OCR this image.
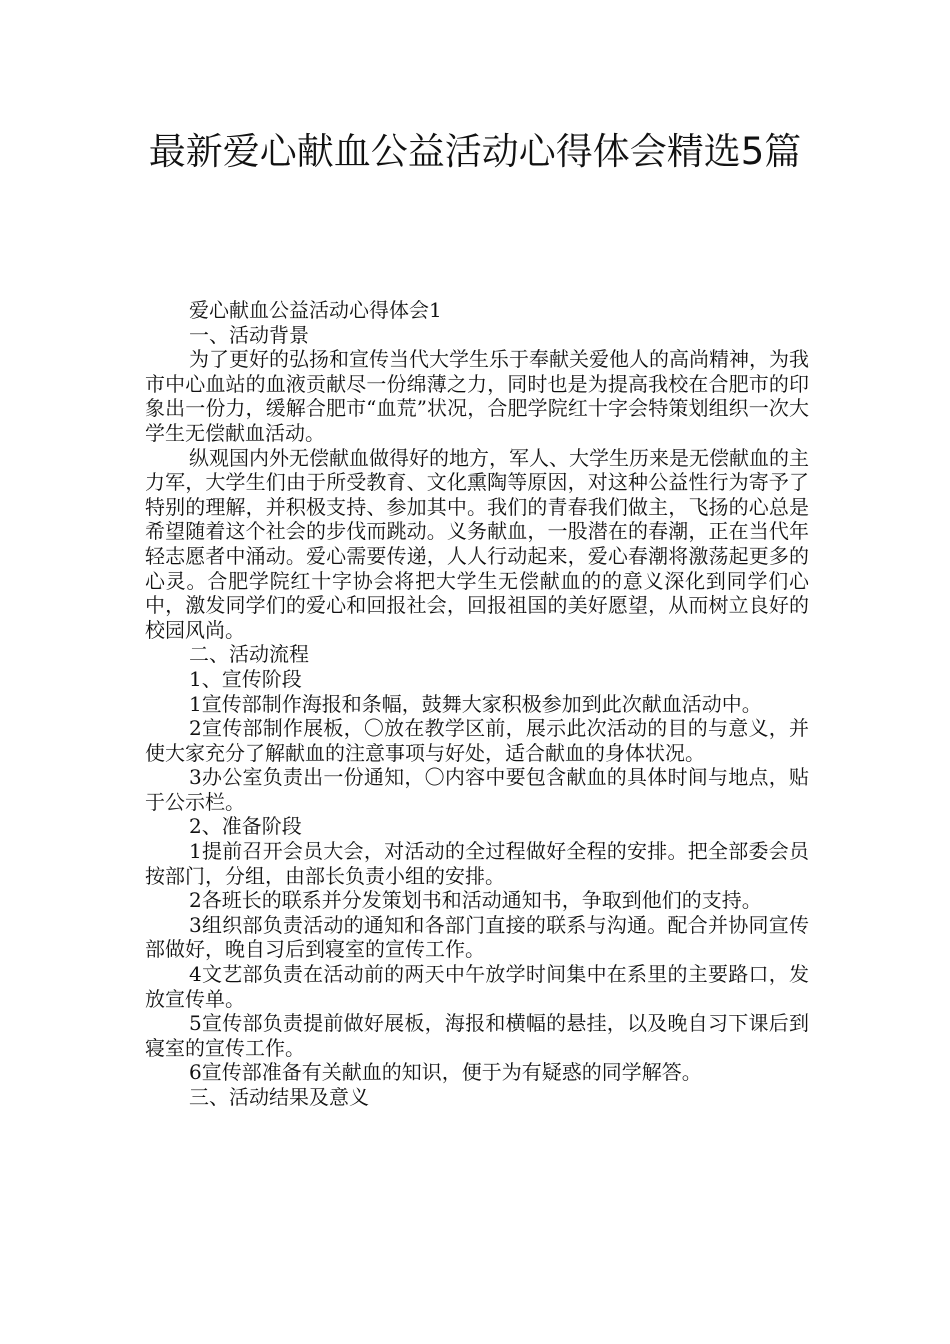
最新爱心献血公益活动心得体会精选5篇

爱心献血公益活动心得体会1

一、活动背景

为了更好的弘扬和宣传当代大学生乐于奉献关爱他人的高尚精神，为我市中心血站的血液贡献尽一份绵薄之力，同时也是为提高我校在合肥市的印象出一份力，缓解合肥市“血荒”状况，合肥学院红十字会特策划组织一次大学生无偿献血活动。

纵观国内外无偿献血做得好的地方，军人、大学生历来是无偿献血的主力军，大学生们由于所受教育、文化熏陶等原因，对这种公益性行为寄予了特别的理解，并积极支持、参加其中。我们的青春我们做主，飞扬的心总是希望随着这个社会的步伐而跳动。义务献血，一股潜在的春潮，正在当代年轻志愿者中涌动。爱心需要传递，人人行动起来，爱心春潮将激荡起更多的心灵。合肥学院红十字协会将把大学生无偿献血的的意义深化到同学们心中，激发同学们的爱心和回报社会，回报祖国的美好愿望，从而树立良好的校园风尚。

二、活动流程

1、宣传阶段

1宣传部制作海报和条幅，鼓舞大家积极参加到此次献血活动中。

2宣传部制作展板，〇放在教学区前，展示此次活动的目的与意义，并使大家充分了解献血的注意事项与好处，适合献血的身体状况。

3办公室负责出一份通知，〇内容中要包含献血的具体时间与地点，贴于公示栏。

2、准备阶段

1提前召开会员大会，对活动的全过程做好全程的安排。把全部委会员按部门，分组，由部长负责小组的安排。

2各班长的联系并分发策划书和活动通知书，争取到他们的支持。

3组织部负责活动的通知和各部门直接的联系与沟通。配合并协同宣传部做好，晚自习后到寝室的宣传工作。

4文艺部负责在活动前的两天中午放学时间集中在系里的主要路口，发放宣传单。

5宣传部负责提前做好展板，海报和横幅的悬挂，以及晚自习下课后到寝室的宣传工作。

6宣传部准备有关献血的知识，便于为有疑惑的同学解答。

三、活动结果及意义
